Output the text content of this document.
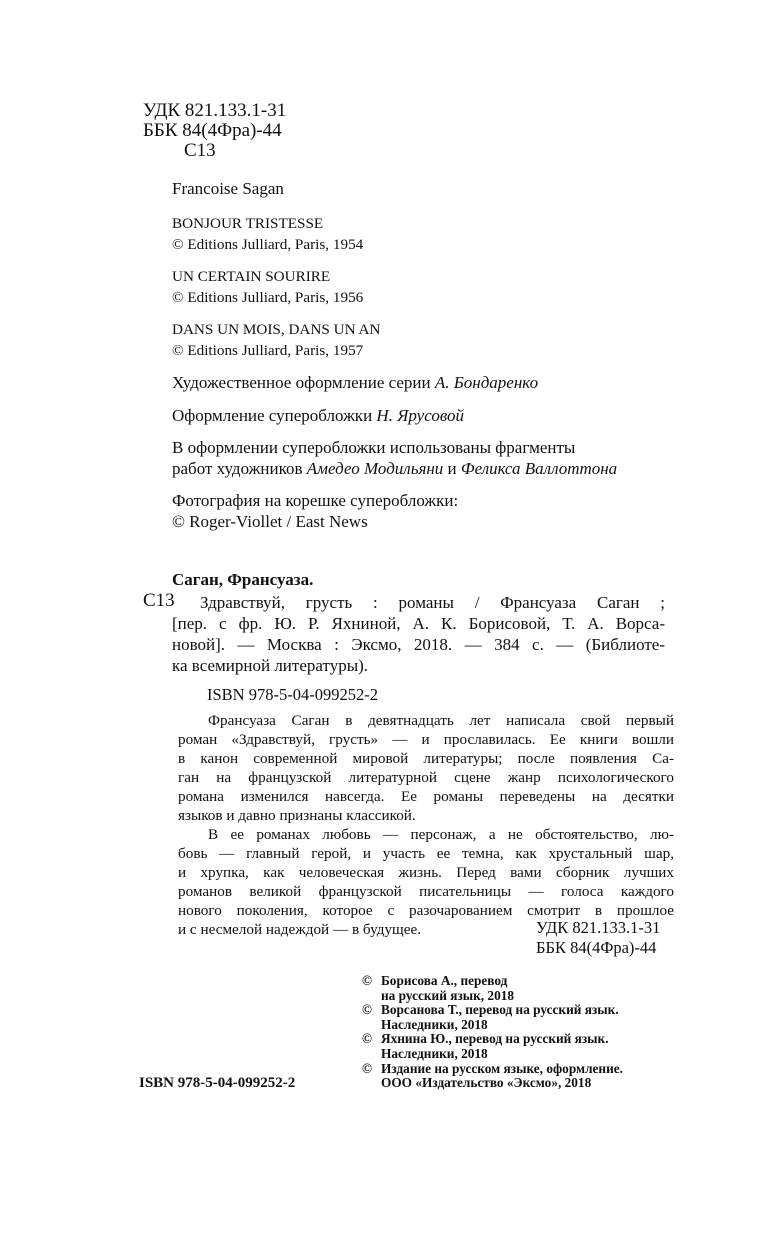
УДК 821.133.1-31
ББК 84(4Фра)-44
С13
Francoise Sagan
BONJOUR TRISTESSE
© Editions Julliard, Paris, 1954
UN CERTAIN SOURIRE
© Editions Julliard, Paris, 1956
DANS UN MOIS, DANS UN AN
© Editions Julliard, Paris, 1957
Художественное оформление серии А. Бондаренко
Оформление суперобложки Н. Ярусовой
В оформлении суперобложки использованы фрагменты
работ художников Амедео Модильяни и Феликса Валлоттона
Фотография на корешке суперобложки:
© Roger-Viollet / East News
Саган, Франсуаза.
С13 Здравствуй, грусть : романы / Франсуаза Саган ;
[пер. с фр. Ю. Р. Яхниной, А. К. Борисовой, Т. А. Ворса-
новой]. — Москва : Эксмо, 2018. — 384 с. — (Библиоте-
ка всемирной литературы).
ISBN 978-5-04-099252-2
Франсуаза Саган в девятнадцать лет написала свой первый
роман «Здравствуй, грусть» — и прославилась. Ее книги вошли
в канон современной мировой литературы; после появления Са-
ган на французской литературной сцене жанр психологического
романа изменился навсегда. Ее романы переведены на десятки
языков и давно признаны классикой.
В ее романах любовь — персонаж, а не обстоятельство, лю-
бовь — главный герой, и участь ее темна, как хрустальный шар,
и хрупка, как человеческая жизнь. Перед вами сборник лучших
романов великой французской писательницы — голоса каждого
нового поколения, которое с разочарованием смотрит в прошлое
и с несмелой надеждой — в будущее.	УДК 821.133.1-31
ББК 84(4Фра)-44
© Борисова А., перевод
на русский язык, 2018
© Ворсанова Т., перевод на русский язык.
Наследники, 2018
© Яхнина Ю., перевод на русский язык.
Наследники, 2018
© Издание на русском языке, оформление.
ООО «Издательство «Эксмо», 2018
ISBN 978-5-04-099252-2
